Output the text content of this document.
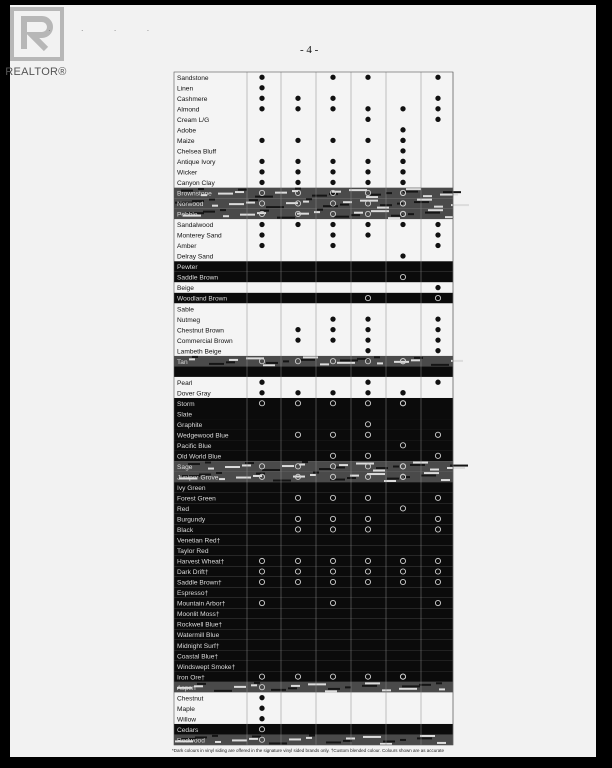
REALTOR®
· · · ·
- 4 -
Sandstone
Linen
Cashmere
Almond
Cream L/G
Adobe
Maize
Chelsea Bluff
Antique Ivory
Wicker
Canyon Clay
Brownstone
Norwood
Pebble
Sandalwood
Monterey Sand
Amber
Delray Sand
Pewter
Saddle Brown
Beige
Woodland Brown
Sable
Nutmeg
Chestnut Brown
Commercial Brown
Lambeth Beige
Tan
Pearl
Dover Gray
Storm
Slate
Graphite
Wedgewood Blue
Pacific Blue
Old World Blue
Sage
Juniper Grove
Ivy Green
Forest Green
Red
Burgundy
Black
Venetian Red†
Taylor Red
Harvest Wheat†
Dark Drift†
Saddle Brown†
Espresso†
Mountain Arbor†
Moonlit Moss†
Rockwell Blue†
Watermill Blue
Midnight Surf†
Coastal Blue†
Windswept Smoke†
Iron Ore†
Aspen
Chestnut
Maple
Willow
Cedars
Redwood
*Dark colours in vinyl siding are offered in the signature vinyl sided brands only. †Custom blended colour. Colours shown are as accurate
